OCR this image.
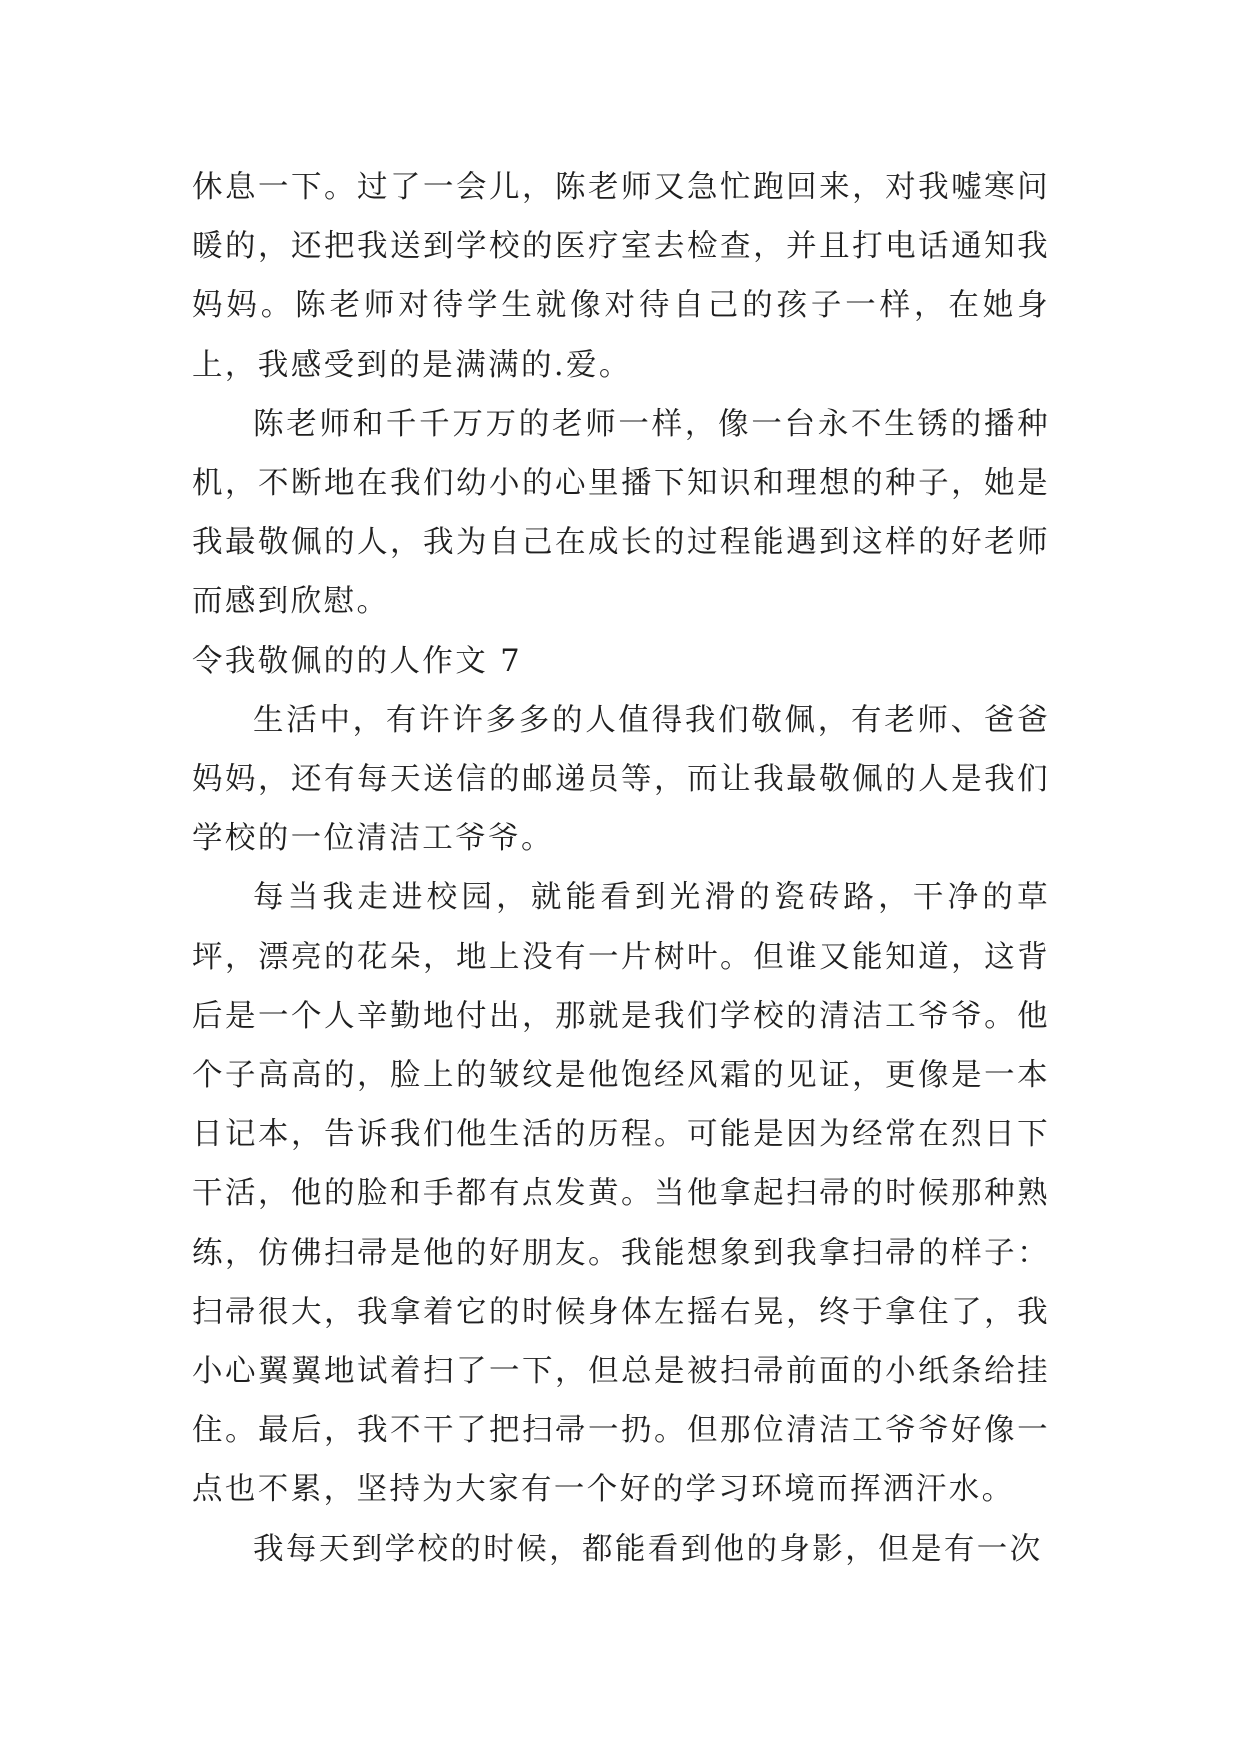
休息一下。过了一会儿，陈老师又急忙跑回来，对我嘘寒问暖的，还把我送到学校的医疗室去检查，并且打电话通知我妈妈。陈老师对待学生就像对待自己的孩子一样，在她身上，我感受到的是满满的.爱。

陈老师和千千万万的老师一样，像一台永不生锈的播种机，不断地在我们幼小的心里播下知识和理想的种子，她是我最敬佩的人，我为自己在成长的过程能遇到这样的好老师而感到欣慰。

令我敬佩的的人作文 7

生活中，有许许多多的人值得我们敬佩，有老师、爸爸妈妈，还有每天送信的邮递员等，而让我最敬佩的人是我们学校的一位清洁工爷爷。

每当我走进校园，就能看到光滑的瓷砖路，干净的草坪，漂亮的花朵，地上没有一片树叶。但谁又能知道，这背后是一个人辛勤地付出，那就是我们学校的清洁工爷爷。他个子高高的，脸上的皱纹是他饱经风霜的见证，更像是一本日记本，告诉我们他生活的历程。可能是因为经常在烈日下干活，他的脸和手都有点发黄。当他拿起扫帚的时候那种熟练，仿佛扫帚是他的好朋友。我能想象到我拿扫帚的样子：扫帚很大，我拿着它的时候身体左摇右晃，终于拿住了，我小心翼翼地试着扫了一下，但总是被扫帚前面的小纸条给挂住。最后，我不干了把扫帚一扔。但那位清洁工爷爷好像一点也不累，坚持为大家有一个好的学习环境而挥洒汗水。

我每天到学校的时候，都能看到他的身影，但是有一次
